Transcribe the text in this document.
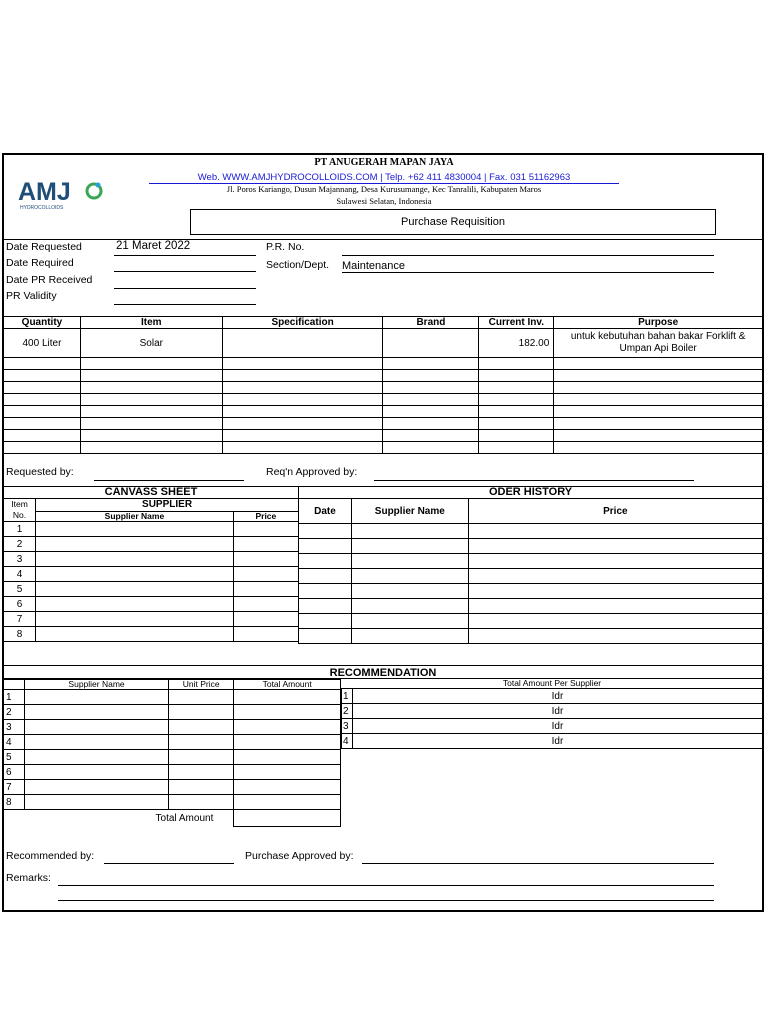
AMJ
HYDROCOLLOIDS
PT ANUGERAH MAPAN JAYA
Web. WWW.AMJHYDROCOLLOIDS.COM | Telp. +62 411 4830004 | Fax. 031 51162963
Jl. Poros Kariango, Dusun Majannang, Desa Kurusumange, Kec Tanralili, Kabupaten Maros
Sulawesi Selatan, Indonesia
Purchase Requisition
Date Requested	21 Maret 2022
Date Required
Date PR Received
PR Validity
P.R. No.
Section/Dept. Maintenance
Quantity	Item	Specification	Brand	Current Inv.	Purpose
400 Liter	Solar			182.00	untuk kebutuhan bahan bakar Forklift & Umpan Api Boiler

Requested by:	Req'n Approved by:
CANVASS SHEET		
Item No.	SUPPLIER	
	Supplier Name	Price
1		
2		
3		
4		
5		
6		
7		
8		
ODER HISTORY		
Date	Supplier Name	Price

RECOMMENDATION
	Supplier Name	Unit Price	Total Amount
1			
2			
3			
4			
5			
6			
7			
8			
Total Amount			
Total Amount Per Supplier	
1	Idr
2	Idr
3	Idr
4	Idr
Recommended by:	Purchase Approved by:
Remarks:
